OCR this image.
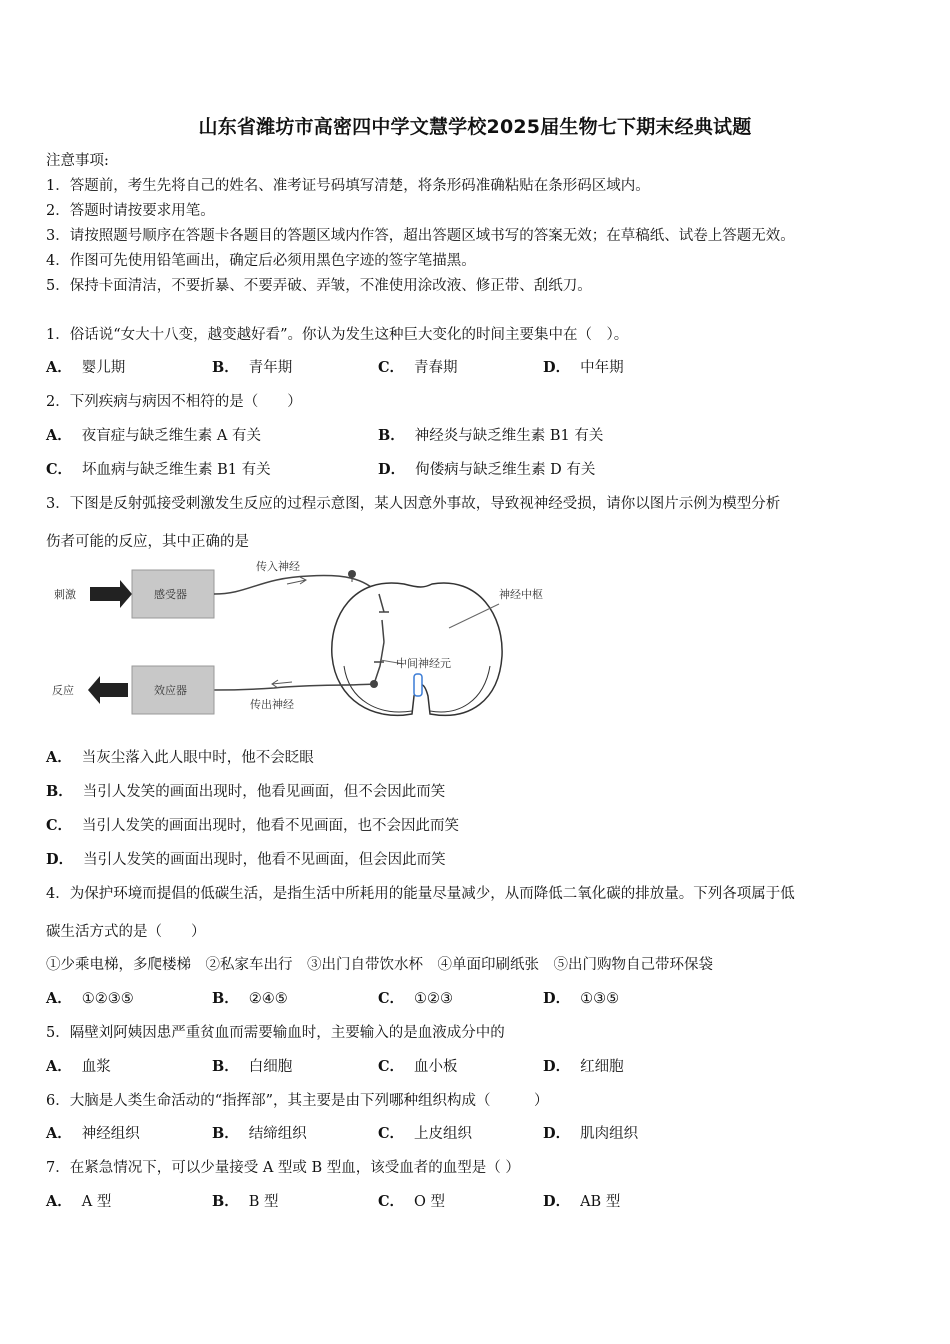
山东省潍坊市高密四中学文慧学校2025届生物七下期末经典试题
注意事项:
1．答题前，考生先将自己的姓名、准考证号码填写清楚，将条形码准确粘贴在条形码区域内。
2．答题时请按要求用笔。
3．请按照题号顺序在答题卡各题目的答题区域内作答，超出答题区域书写的答案无效；在草稿纸、试卷上答题无效。
4．作图可先使用铅笔画出，确定后必须用黑色字迹的签字笔描黑。
5．保持卡面清洁，不要折暴、不要弄破、弄皱，不准使用涂改液、修正带、刮纸刀。
1．俗话说“女大十八变，越变越好看”。你认为发生这种巨大变化的时间主要集中在（　）。
A． 婴儿期	B． 青年期	C． 青春期	D． 中年期
2．下列疾病与病因不相符的是（　　）
A． 夜盲症与缺乏维生素 A 有关	B． 神经炎与缺乏维生素 B1 有关
C． 坏血病与缺乏维生素 B1 有关	D． 佝偻病与缺乏维生素 D 有关
3．下图是反射弧接受刺激发生反应的过程示意图，某人因意外事故，导致视神经受损，请你以图片示例为模型分析
伤者可能的反应，其中正确的是
刺激	感受器
传入神经
中间神经元
神经中枢
传出神经
效应器
反应
A． 当灰尘落入此人眼中时，他不会眨眼
B． 当引人发笑的画面出现时，他看见画面，但不会因此而笑
C． 当引人发笑的画面出现时，他看不见画面，也不会因此而笑
D． 当引人发笑的画面出现时，他看不见画面，但会因此而笑
4．为保护环境而提倡的低碳生活，是指生活中所耗用的能量尽量减少，从而降低二氧化碳的排放量。下列各项属于低
碳生活方式的是（　　）
①少乘电梯，多爬楼梯　②私家车出行　③出门自带饮水杯　④单面印刷纸张　⑤出门购物自己带环保袋
A． ①②③⑤	B． ②④⑤	C． ①②③	D． ①③⑤
5．隔壁刘阿姨因患严重贫血而需要输血时，主要输入的是血液成分中的
A． 血浆	B． 白细胞	C． 血小板	D． 红细胞
6．大脑是人类生命活动的“指挥部”，其主要是由下列哪种组织构成（　　　）
A． 神经组织	B． 结缔组织	C． 上皮组织	D． 肌肉组织
7．在紧急情况下，可以少量接受 A 型或 B 型血，该受血者的血型是（ ）
A． A 型	B． B 型	C． O 型	D． AB 型
